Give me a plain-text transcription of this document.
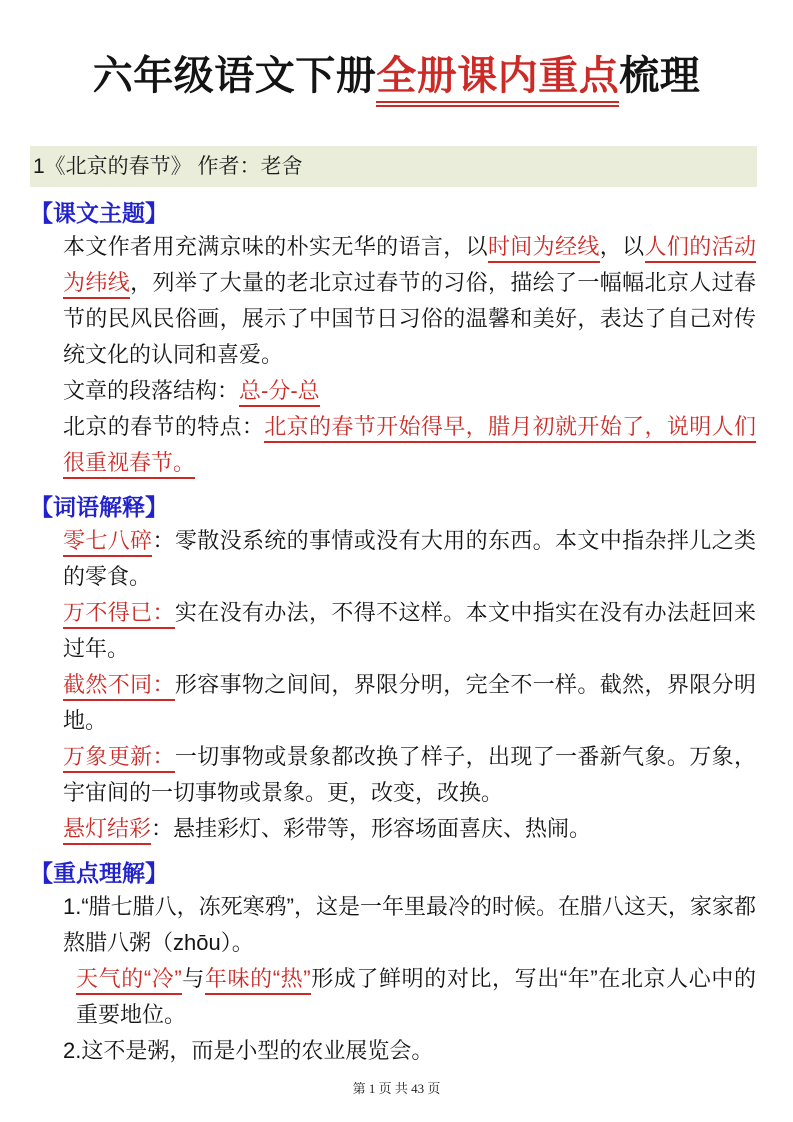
六年级语文下册全册课内重点梳理
1《北京的春节》 作者：老舍
【课文主题】

本文作者用充满京味的朴实无华的语言，以时间为经线，以人们的活动为纬线，列举了大量的老北京过春节的习俗，描绘了一幅幅北京人过春节的民风民俗画，展示了中国节日习俗的温馨和美好，表达了自己对传统文化的认同和喜爱。

文章的段落结构：总-分-总

北京的春节的特点：北京的春节开始得早，腊月初就开始了，说明人们很重视春节。

【词语解释】

零七八碎：零散没系统的事情或没有大用的东西。本文中指杂拌儿之类的零食。

万不得已：实在没有办法，不得不这样。本文中指实在没有办法赶回来过年。

截然不同：形容事物之间间，界限分明，完全不一样。截然，界限分明地。

万象更新：一切事物或景象都改换了样子，出现了一番新气象。万象，宇宙间的一切事物或景象。更，改变，改换。

悬灯结彩：悬挂彩灯、彩带等，形容场面喜庆、热闹。

【重点理解】

1.“腊七腊八，冻死寒鸦”，这是一年里最冷的时候。在腊八这天，家家都熬腊八粥（zhōu）。

天气的“冷”与年味的“热”形成了鲜明的对比，写出“年”在北京人心中的重要地位。

2.这不是粥，而是小型的农业展览会。

第 1 页 共 43 页
